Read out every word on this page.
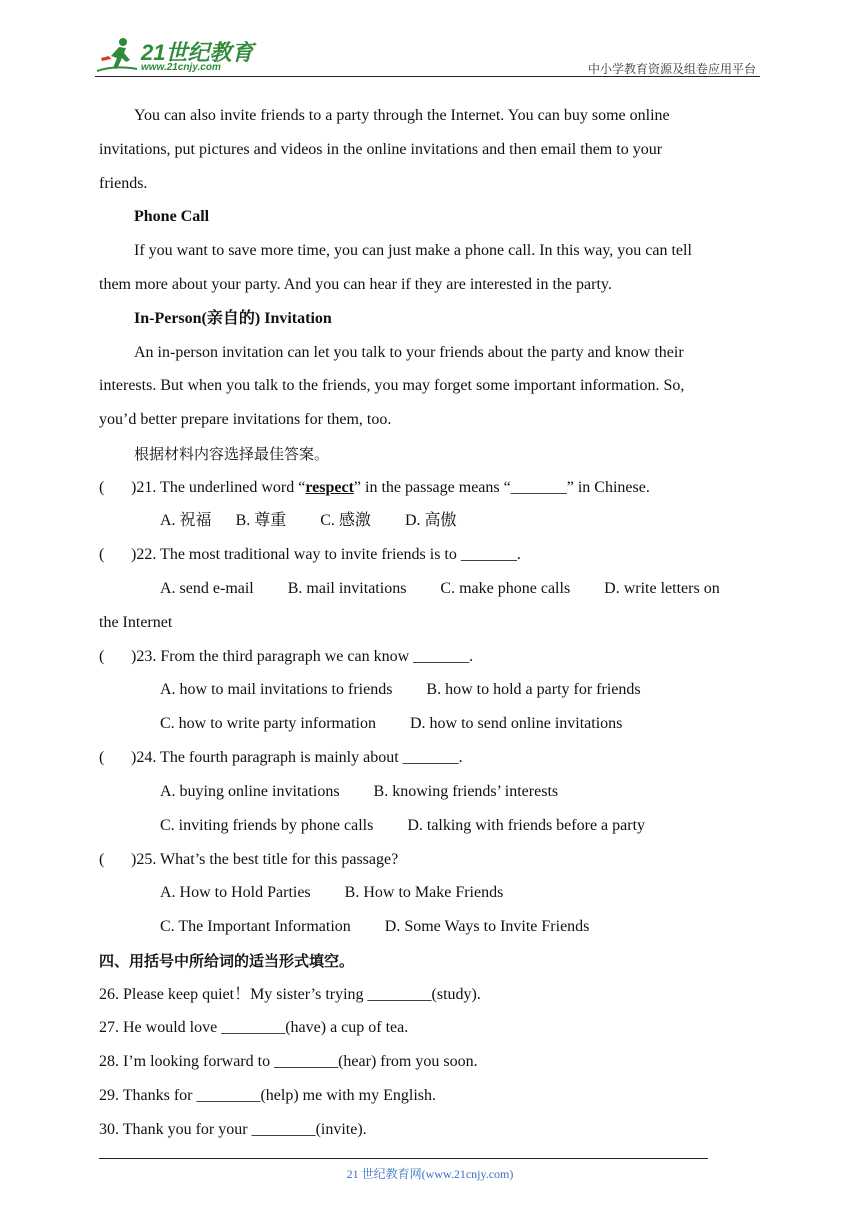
21世纪教育
www.21cnjy.com	中小学教育资源及组卷应用平台
You can also invite friends to a party through the Internet. You can buy some online
invitations, put pictures and videos in the online invitations and then email them to your
friends.
Phone Call
If you want to save more time, you can just make a phone call. In this way, you can tell
them more about your party. And you can hear if they are interested in the party.
In-Person(亲自的) Invitation
An in-person invitation can let you talk to your friends about the party and know their
interests. But when you talk to the friends, you may forget some important information. So,
you’d better prepare invitations for them, too.
根据材料内容选择最佳答案。
( )21. The underlined word “respect” in the passage means “_______” in Chinese.
A. 祝福 B. 尊重 C. 感激 D. 高傲
( )22. The most traditional way to invite friends is to _______.
A. send e-mail B. mail invitations C. make phone calls D. write letters on
the Internet
( )23. From the third paragraph we can know _______.
A. how to mail invitations to friends B. how to hold a party for friends
C. how to write party information D. how to send online invitations
( )24. The fourth paragraph is mainly about _______.
A. buying online invitations B. knowing friends’ interests
C. inviting friends by phone calls D. talking with friends before a party
( )25. What’s the best title for this passage?
A. How to Hold Parties B. How to Make Friends
C. The Important Information D. Some Ways to Invite Friends
四、用括号中所给词的适当形式填空。
26. Please keep quiet！My sister’s trying ________(study).
27. He would love ________(have) a cup of tea.
28. I’m looking forward to ________(hear) from you soon.
29. Thanks for ________(help) me with my English.
30. Thank you for your ________(invite).
21 世纪教育网(www.21cnjy.com)
